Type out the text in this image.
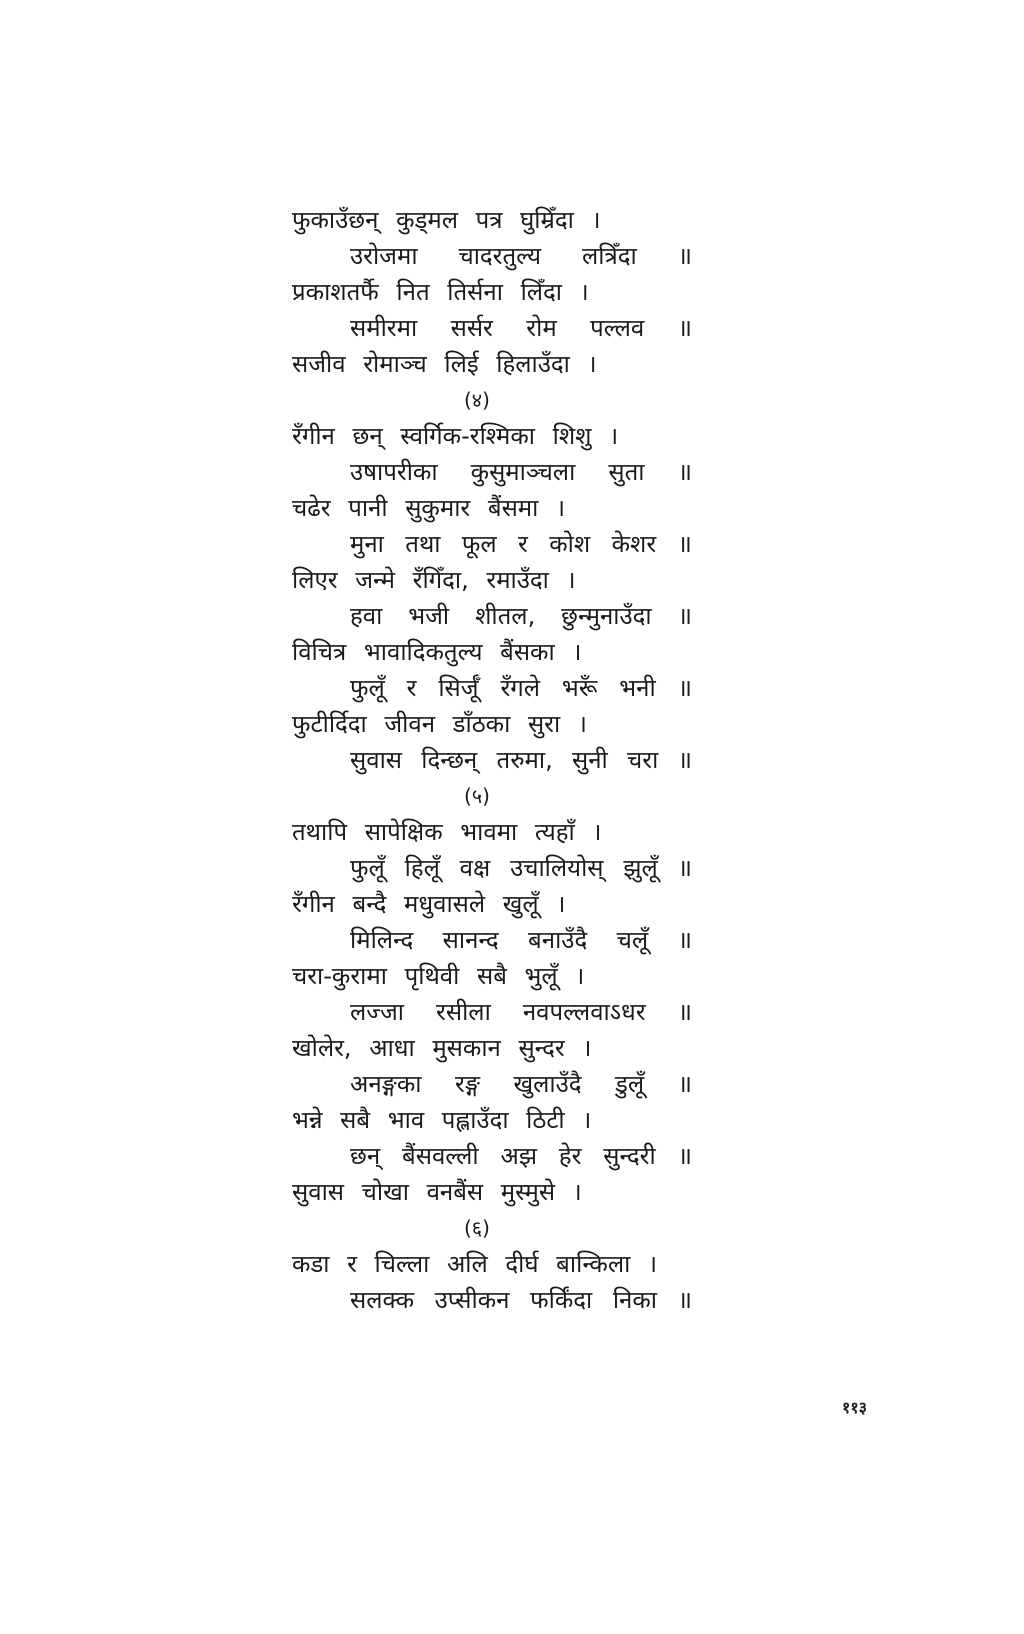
फुकाउँछन् कुड्मल पत्र घुम्रिँदा ।
उरोजमा चादरतुल्य लत्रिँदा ॥
प्रकाशतर्फै नित तिर्सना लिँदा ।
समीरमा सर्सर रोम पल्लव ॥
सजीव रोमाञ्च लिई हिलाउँदा ।
(४)
रँगीन छन् स्वर्गिक-रश्मिका शिशु ।
उषापरीका कुसुमाञ्चला सुता ॥
चढेर पानी सुकुमार बैंसमा ।
मुना तथा फूल र कोश केशर ॥
लिएर जन्मे रँगिँदा, रमाउँदा ।
हवा भजी शीतल, छुन्मुनाउँदा ॥
विचित्र भावादिकतुल्य बैंसका ।
फुलूँ र सिर्जूँ रँगले भरूँ भनी ॥
फुटीर्दिदा जीवन डाँठका सुरा ।
सुवास दिन्छन् तरुमा, सुनी चरा ॥
(५)
तथापि सापेक्षिक भावमा त्यहाँ ।
फुलूँ हिलूँ वक्ष उचालियोस् झुलूँ ॥
रँगीन बन्दै मधुवासले खुलूँ ।
मिलिन्द सानन्द बनाउँदै चलूँ ॥
चरा-कुरामा पृथिवी सबै भुलूँ ।
लज्जा रसीला नवपल्लवाऽधर ॥
खोलेर, आधा मुसकान सुन्दर ।
अनङ्गका रङ्ग खुलाउँदै डुलूँ ॥
भन्ने सबै भाव पह्लाउँदा ठिटी ।
छन् बैंसवल्ली अझ हेर सुन्दरी ॥
सुवास चोखा वनबैंस मुस्मुसे ।
(६)
कडा र चिल्ला अलि दीर्घ बान्किला ।
सलक्क उप्सीकन फर्किंदा निका ॥
११३
